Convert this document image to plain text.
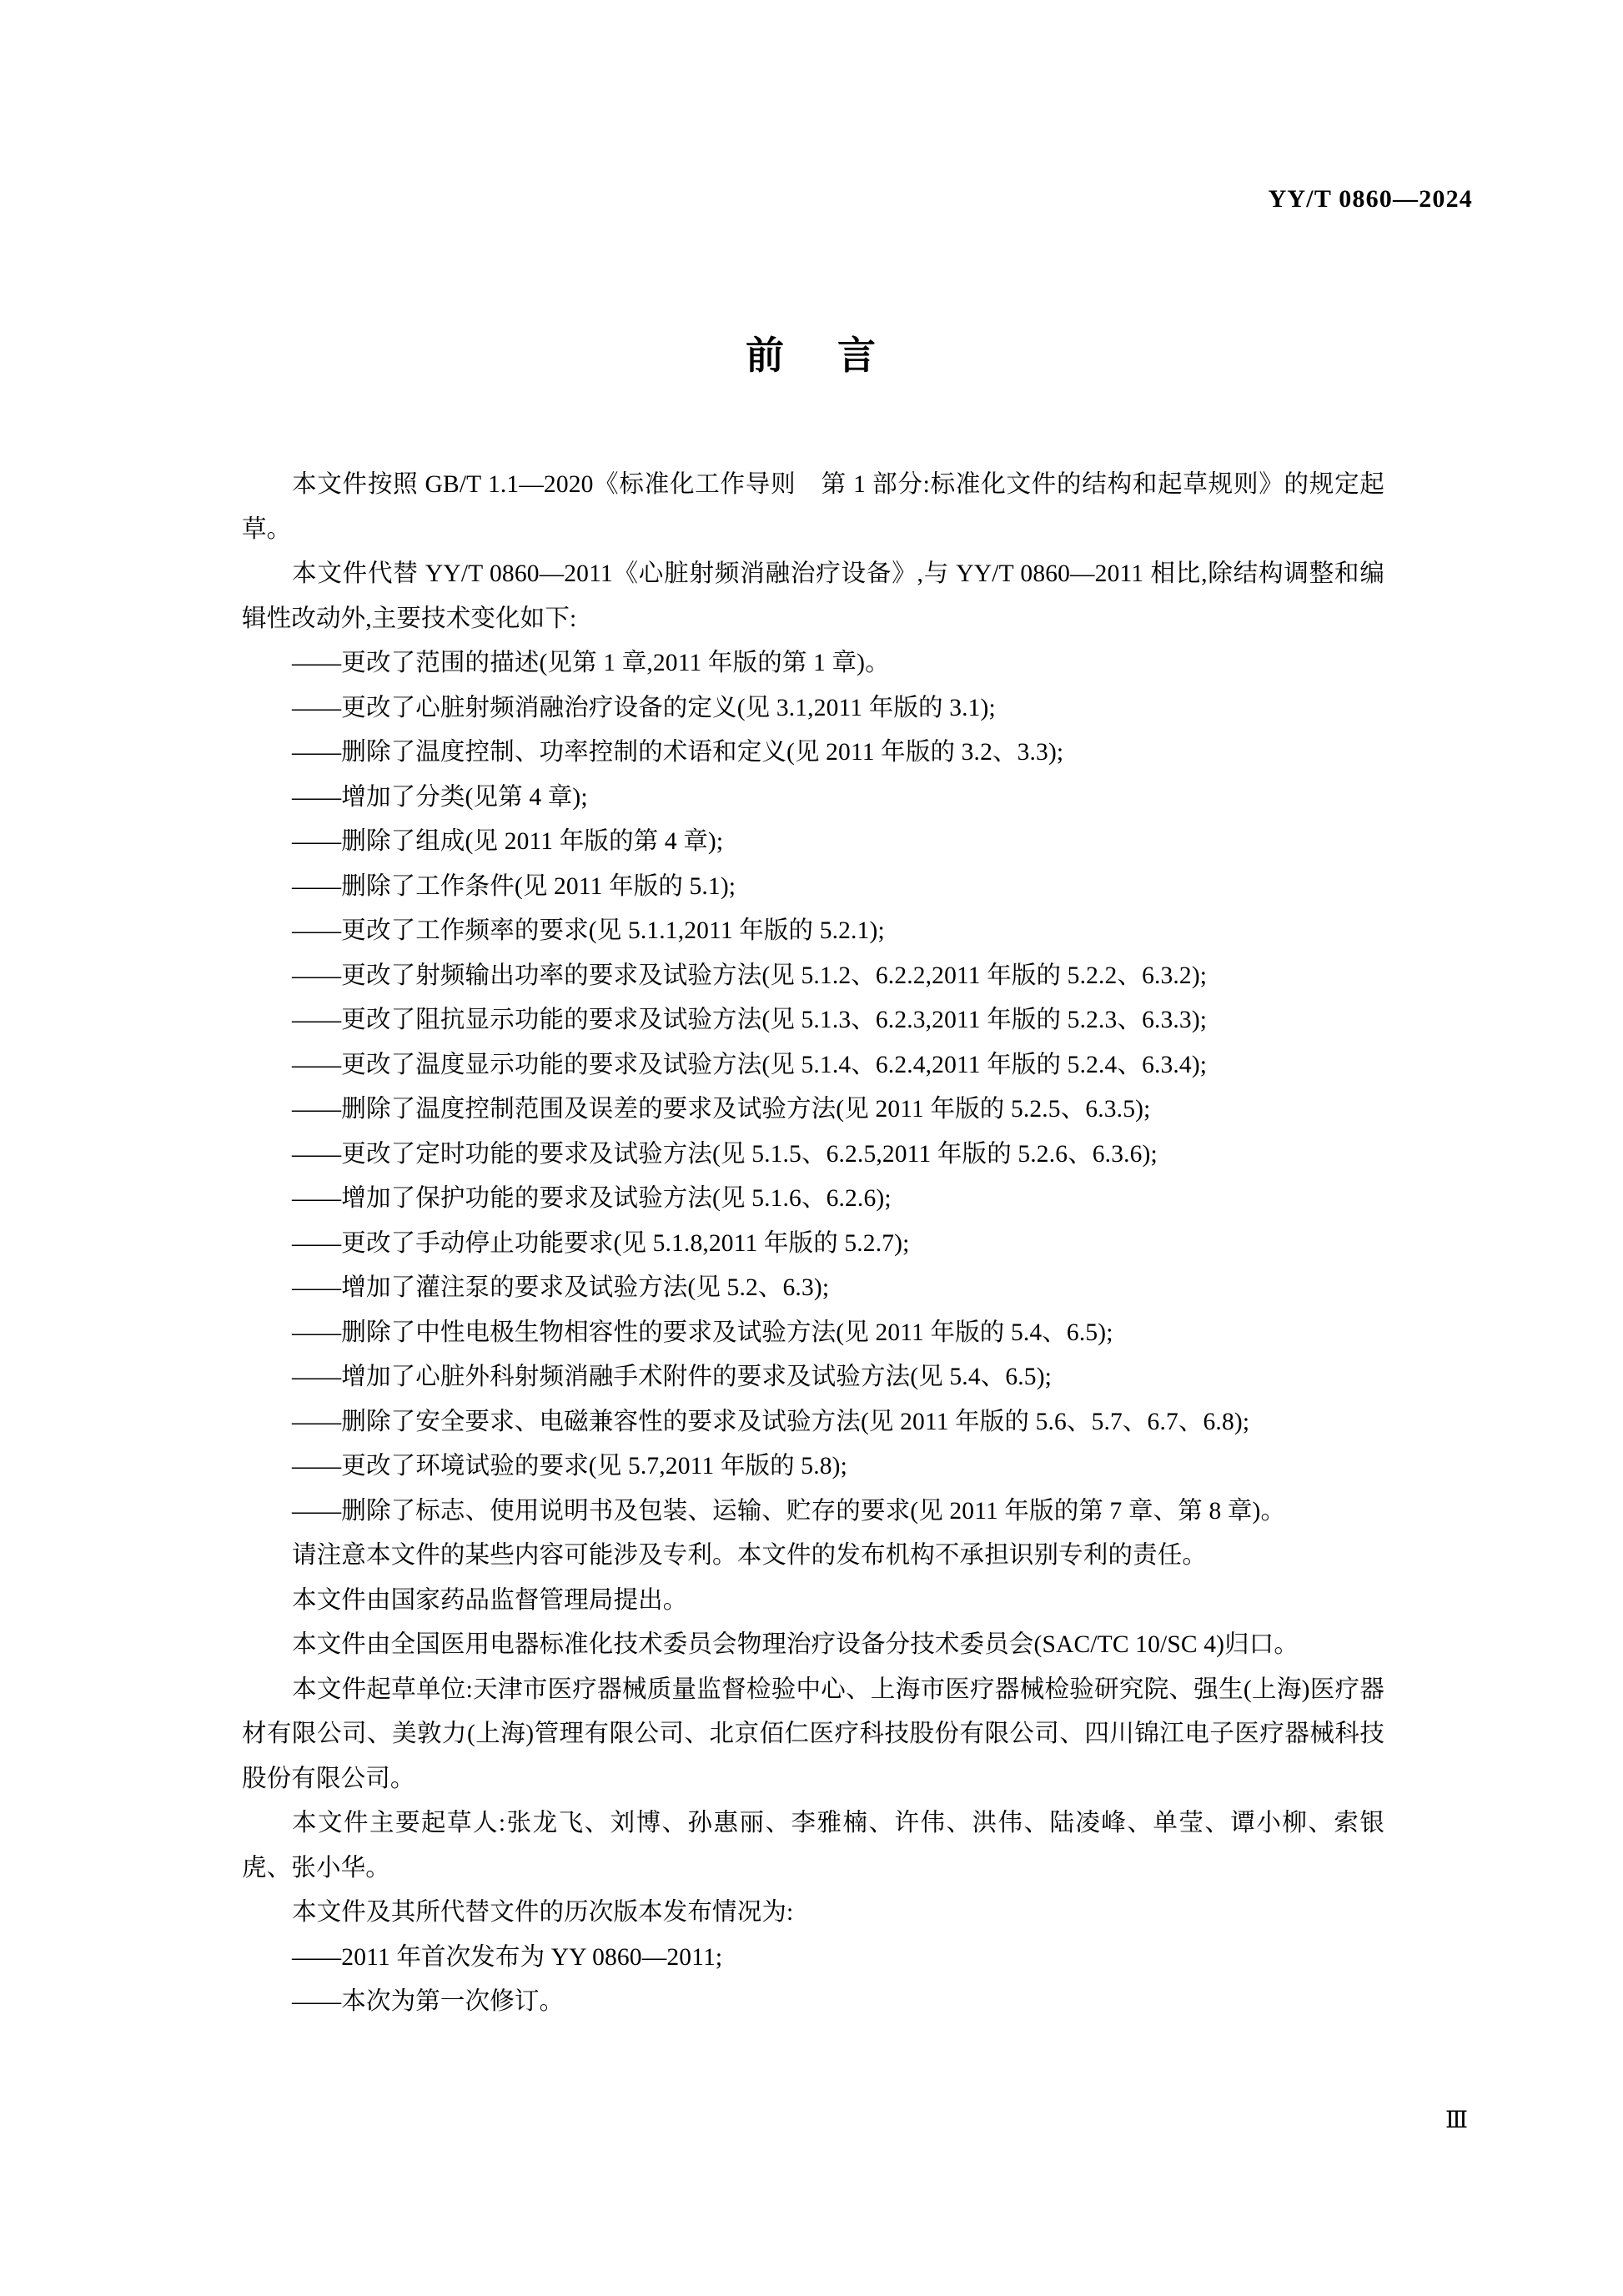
YY/T 0860—2024
前 言

本文件按照 GB/T 1.1—2020《标准化工作导则　第 1 部分:标准化文件的结构和起草规则》的规定起草。

本文件代替 YY/T 0860—2011《心脏射频消融治疗设备》,与 YY/T 0860—2011 相比,除结构调整和编辑性改动外,主要技术变化如下:

——更改了范围的描述(见第 1 章,2011 年版的第 1 章)。
——更改了心脏射频消融治疗设备的定义(见 3.1,2011 年版的 3.1);
——删除了温度控制、功率控制的术语和定义(见 2011 年版的 3.2、3.3);
——增加了分类(见第 4 章);
——删除了组成(见 2011 年版的第 4 章);
——删除了工作条件(见 2011 年版的 5.1);
——更改了工作频率的要求(见 5.1.1,2011 年版的 5.2.1);
——更改了射频输出功率的要求及试验方法(见 5.1.2、6.2.2,2011 年版的 5.2.2、6.3.2);
——更改了阻抗显示功能的要求及试验方法(见 5.1.3、6.2.3,2011 年版的 5.2.3、6.3.3);
——更改了温度显示功能的要求及试验方法(见 5.1.4、6.2.4,2011 年版的 5.2.4、6.3.4);
——删除了温度控制范围及误差的要求及试验方法(见 2011 年版的 5.2.5、6.3.5);
——更改了定时功能的要求及试验方法(见 5.1.5、6.2.5,2011 年版的 5.2.6、6.3.6);
——增加了保护功能的要求及试验方法(见 5.1.6、6.2.6);
——更改了手动停止功能要求(见 5.1.8,2011 年版的 5.2.7);
——增加了灌注泵的要求及试验方法(见 5.2、6.3);
——删除了中性电极生物相容性的要求及试验方法(见 2011 年版的 5.4、6.5);
——增加了心脏外科射频消融手术附件的要求及试验方法(见 5.4、6.5);
——删除了安全要求、电磁兼容性的要求及试验方法(见 2011 年版的 5.6、5.7、6.7、6.8);
——更改了环境试验的要求(见 5.7,2011 年版的 5.8);
——删除了标志、使用说明书及包装、运输、贮存的要求(见 2011 年版的第 7 章、第 8 章)。

请注意本文件的某些内容可能涉及专利。本文件的发布机构不承担识别专利的责任。

本文件由国家药品监督管理局提出。

本文件由全国医用电器标准化技术委员会物理治疗设备分技术委员会(SAC/TC 10/SC 4)归口。

本文件起草单位:天津市医疗器械质量监督检验中心、上海市医疗器械检验研究院、强生(上海)医疗器材有限公司、美敦力(上海)管理有限公司、北京佰仁医疗科技股份有限公司、四川锦江电子医疗器械科技股份有限公司。

本文件主要起草人:张龙飞、刘博、孙惠丽、李雅楠、许伟、洪伟、陆凌峰、单莹、谭小柳、索银虎、张小华。

本文件及其所代替文件的历次版本发布情况为:

——2011 年首次发布为 YY 0860—2011;
——本次为第一次修订。
Ⅲ
